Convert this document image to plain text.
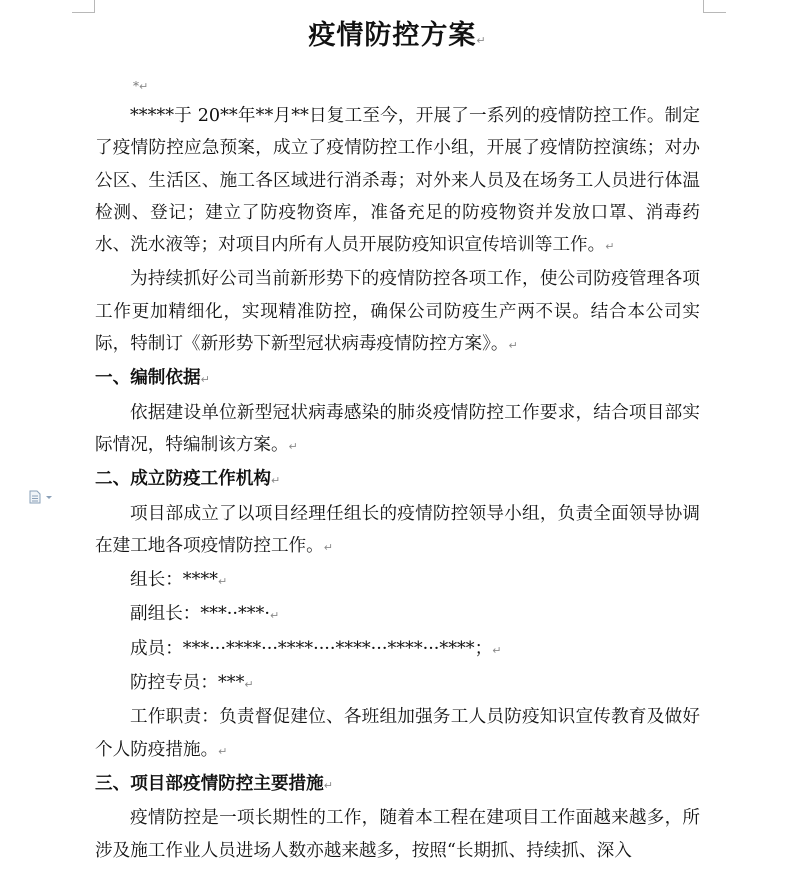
疫情防控方案↵
*↵

*****于 20**年**月**日复工至今，开展了一系列的疫情防控工作。制定了疫情防控应急预案，成立了疫情防控工作小组，开展了疫情防控演练；对办公区、生活区、施工各区域进行消杀毒；对外来人员及在场务工人员进行体温检测、登记；建立了防疫物资库，准备充足的防疫物资并发放口罩、消毒药水、洗水液等；对项目内所有人员开展防疫知识宣传培训等工作。↵

为持续抓好公司当前新形势下的疫情防控各项工作，使公司防疫管理各项工作更加精细化，实现精准防控，确保公司防疫生产两不误。结合本公司实际，特制订《新形势下新型冠状病毒疫情防控方案》。↵

一、编制依据↵

依据建设单位新型冠状病毒感染的肺炎疫情防控工作要求，结合项目部实际情况，特编制该方案。↵

二、成立防疫工作机构↵

项目部成立了以项目经理任组长的疫情防控领导小组，负责全面领导协调在建工地各项疫情防控工作。↵

组长：****↵

副组长：***··***·↵

成员：***···****···****····****···****···****；↵

防控专员：***↵

工作职责：负责督促建位、各班组加强务工人员防疫知识宣传教育及做好个人防疫措施。↵

三、项目部疫情防控主要措施↵

疫情防控是一项长期性的工作，随着本工程在建项目工作面越来越多，所涉及施工作业人员进场人数亦越来越多，按照“长期抓、持续抓、深入
